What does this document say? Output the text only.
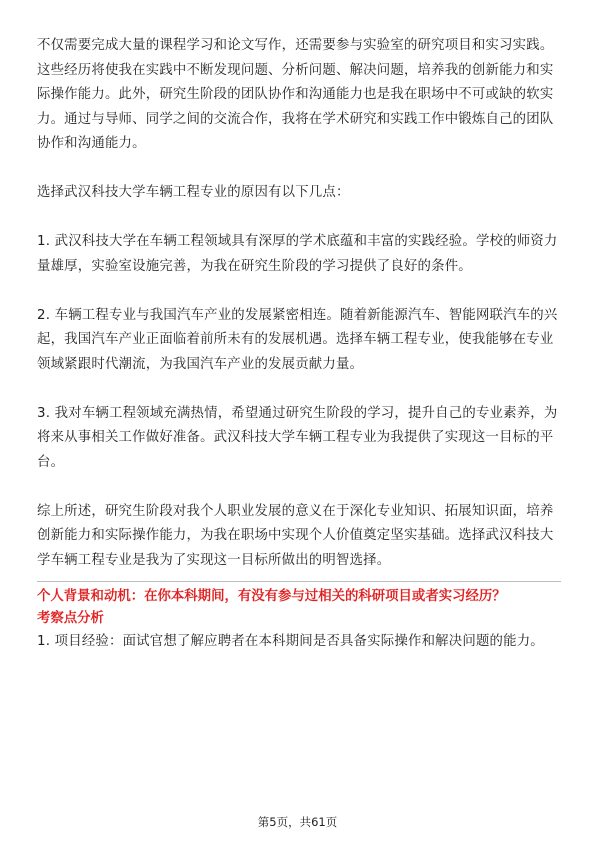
不仅需要完成大量的课程学习和论文写作，还需要参与实验室的研究项目和实习实践。这些经历将使我在实践中不断发现问题、分析问题、解决问题，培养我的创新能力和实际操作能力。此外，研究生阶段的团队协作和沟通能力也是我在职场中不可或缺的软实力。通过与导师、同学之间的交流合作，我将在学术研究和实践工作中锻炼自己的团队协作和沟通能力。

选择武汉科技大学车辆工程专业的原因有以下几点：

1. 武汉科技大学在车辆工程领域具有深厚的学术底蕴和丰富的实践经验。学校的师资力量雄厚，实验室设施完善，为我在研究生阶段的学习提供了良好的条件。

2. 车辆工程专业与我国汽车产业的发展紧密相连。随着新能源汽车、智能网联汽车的兴起，我国汽车产业正面临着前所未有的发展机遇。选择车辆工程专业，使我能够在专业领域紧跟时代潮流，为我国汽车产业的发展贡献力量。

3. 我对车辆工程领域充满热情，希望通过研究生阶段的学习，提升自己的专业素养，为将来从事相关工作做好准备。武汉科技大学车辆工程专业为我提供了实现这一目标的平台。

综上所述，研究生阶段对我个人职业发展的意义在于深化专业知识、拓展知识面，培养创新能力和实际操作能力，为我在职场中实现个人价值奠定坚实基础。选择武汉科技大学车辆工程专业是我为了实现这一目标所做出的明智选择。

个人背景和动机：在你本科期间，有没有参与过相关的科研项目或者实习经历？

考察点分析

1. 项目经验：面试官想了解应聘者在本科期间是否具备实际操作和解决问题的能力。

第5页，共61页
